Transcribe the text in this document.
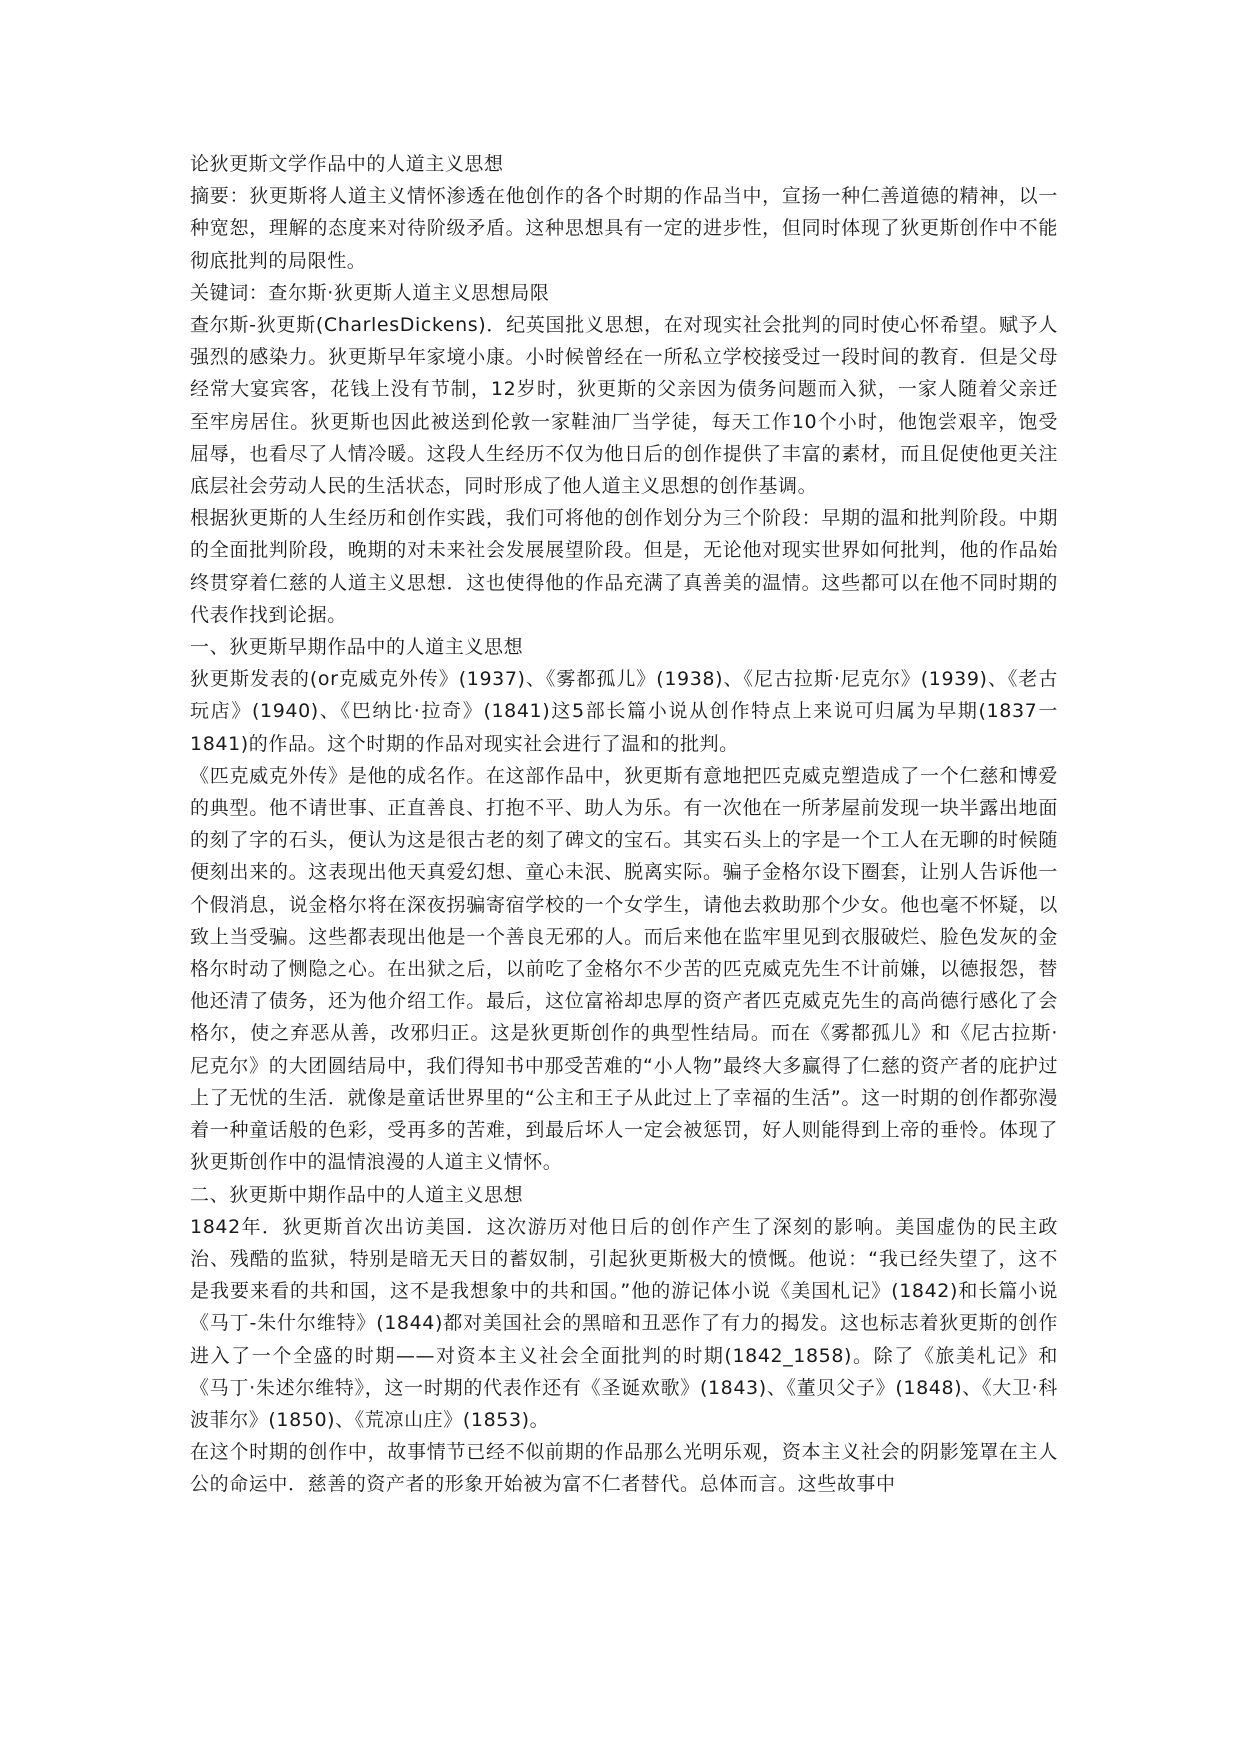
论狄更斯文学作品中的人道主义思想

摘要：狄更斯将人道主义情怀渗透在他创作的各个时期的作品当中，宣扬一种仁善道德的精神，以一种宽恕，理解的态度来对待阶级矛盾。这种思想具有一定的进步性，但同时体现了狄更斯创作中不能彻底批判的局限性。

关键词：查尔斯·狄更斯人道主义思想局限

查尔斯-狄更斯(CharlesDickens)．纪英国批义思想，在对现实社会批判的同时使心怀希望。赋予人强烈的感染力。狄更斯早年家境小康。小时候曾经在一所私立学校接受过一段时间的教育．但是父母经常大宴宾客，花钱上没有节制，12岁时，狄更斯的父亲因为债务问题而入狱，一家人随着父亲迁至牢房居住。狄更斯也因此被送到伦敦一家鞋油厂当学徒，每天工作10个小时，他饱尝艰辛，饱受屈辱，也看尽了人情冷暖。这段人生经历不仅为他日后的创作提供了丰富的素材，而且促使他更关注底层社会劳动人民的生活状态，同时形成了他人道主义思想的创作基调。

根据狄更斯的人生经历和创作实践，我们可将他的创作划分为三个阶段：早期的温和批判阶段。中期的全面批判阶段，晚期的对未来社会发展展望阶段。但是，无论他对现实世界如何批判，他的作品始终贯穿着仁慈的人道主义思想．这也使得他的作品充满了真善美的温情。这些都可以在他不同时期的代表作找到论据。

一、狄更斯早期作品中的人道主义思想

狄更斯发表的(or克威克外传》(1937)、《雾都孤儿》(1938)、《尼古拉斯·尼克尔》(1939)、《老古玩店》(1940)、《巴纳比·拉奇》(1841)这5部长篇小说从创作特点上来说可归属为早期(1837一1841)的作品。这个时期的作品对现实社会进行了温和的批判。

《匹克威克外传》是他的成名作。在这部作品中，狄更斯有意地把匹克威克塑造成了一个仁慈和博爱的典型。他不请世事、正直善良、打抱不平、助人为乐。有一次他在一所茅屋前发现一块半露出地面的刻了字的石头，便认为这是很古老的刻了碑文的宝石。其实石头上的字是一个工人在无聊的时候随便刻出来的。这表现出他天真爱幻想、童心未泯、脱离实际。骗子金格尔设下圈套，让别人告诉他一个假消息，说金格尔将在深夜拐骗寄宿学校的一个女学生，请他去救助那个少女。他也毫不怀疑，以致上当受骗。这些都表现出他是一个善良无邪的人。而后来他在监牢里见到衣服破烂、脸色发灰的金格尔时动了恻隐之心。在出狱之后，以前吃了金格尔不少苦的匹克威克先生不计前嫌，以德报怨，替他还清了债务，还为他介绍工作。最后，这位富裕却忠厚的资产者匹克威克先生的高尚德行感化了会格尔，使之弃恶从善，改邪归正。这是狄更斯创作的典型性结局。而在《雾都孤儿》和《尼古拉斯·尼克尔》的大团圆结局中，我们得知书中那受苦难的“小人物”最终大多赢得了仁慈的资产者的庇护过上了无忧的生活．就像是童话世界里的“公主和王子从此过上了幸福的生活”。这一时期的创作都弥漫着一种童话般的色彩，受再多的苦难，到最后坏人一定会被惩罚，好人则能得到上帝的垂怜。体现了狄更斯创作中的温情浪漫的人道主义情怀。

二、狄更斯中期作品中的人道主义思想

1842年．狄更斯首次出访美国．这次游历对他日后的创作产生了深刻的影响。美国虚伪的民主政治、残酷的监狱，特别是暗无天日的蓄奴制，引起狄更斯极大的愤慨。他说：“我已经失望了，这不是我要来看的共和国，这不是我想象中的共和国。”他的游记体小说《美国札记》(1842)和长篇小说《马丁-朱什尔维特》(1844)都对美国社会的黑暗和丑恶作了有力的揭发。这也标志着狄更斯的创作进入了一个全盛的时期——对资本主义社会全面批判的时期(1842_1858)。除了《旅美札记》和《马丁·朱述尔维特》，这一时期的代表作还有《圣诞欢歌》(1843)、《董贝父子》(1848)、《大卫·科波菲尔》(1850)、《荒凉山庄》(1853)。

在这个时期的创作中，故事情节已经不似前期的作品那么光明乐观，资本主义社会的阴影笼罩在主人公的命运中．慈善的资产者的形象开始被为富不仁者替代。总体而言。这些故事中
